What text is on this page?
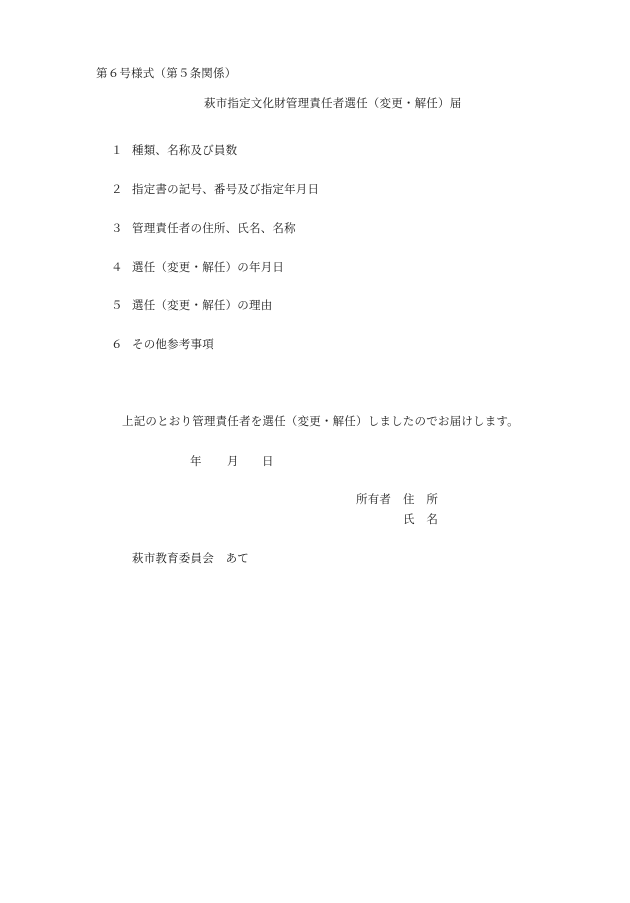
第６号様式（第５条関係）
萩市指定文化財管理責任者選任（変更・解任）届
１ 種類、名称及び員数
２ 指定書の記号、番号及び指定年月日
３ 管理責任者の住所、氏名、名称
４ 選任（変更・解任）の年月日
５ 選任（変更・解任）の理由
６ その他参考事項
上記のとおり管理責任者を選任（変更・解任）しましたのでお届けします。
年 月 日
所有者 住　所
氏　名
萩市教育委員会　あて
